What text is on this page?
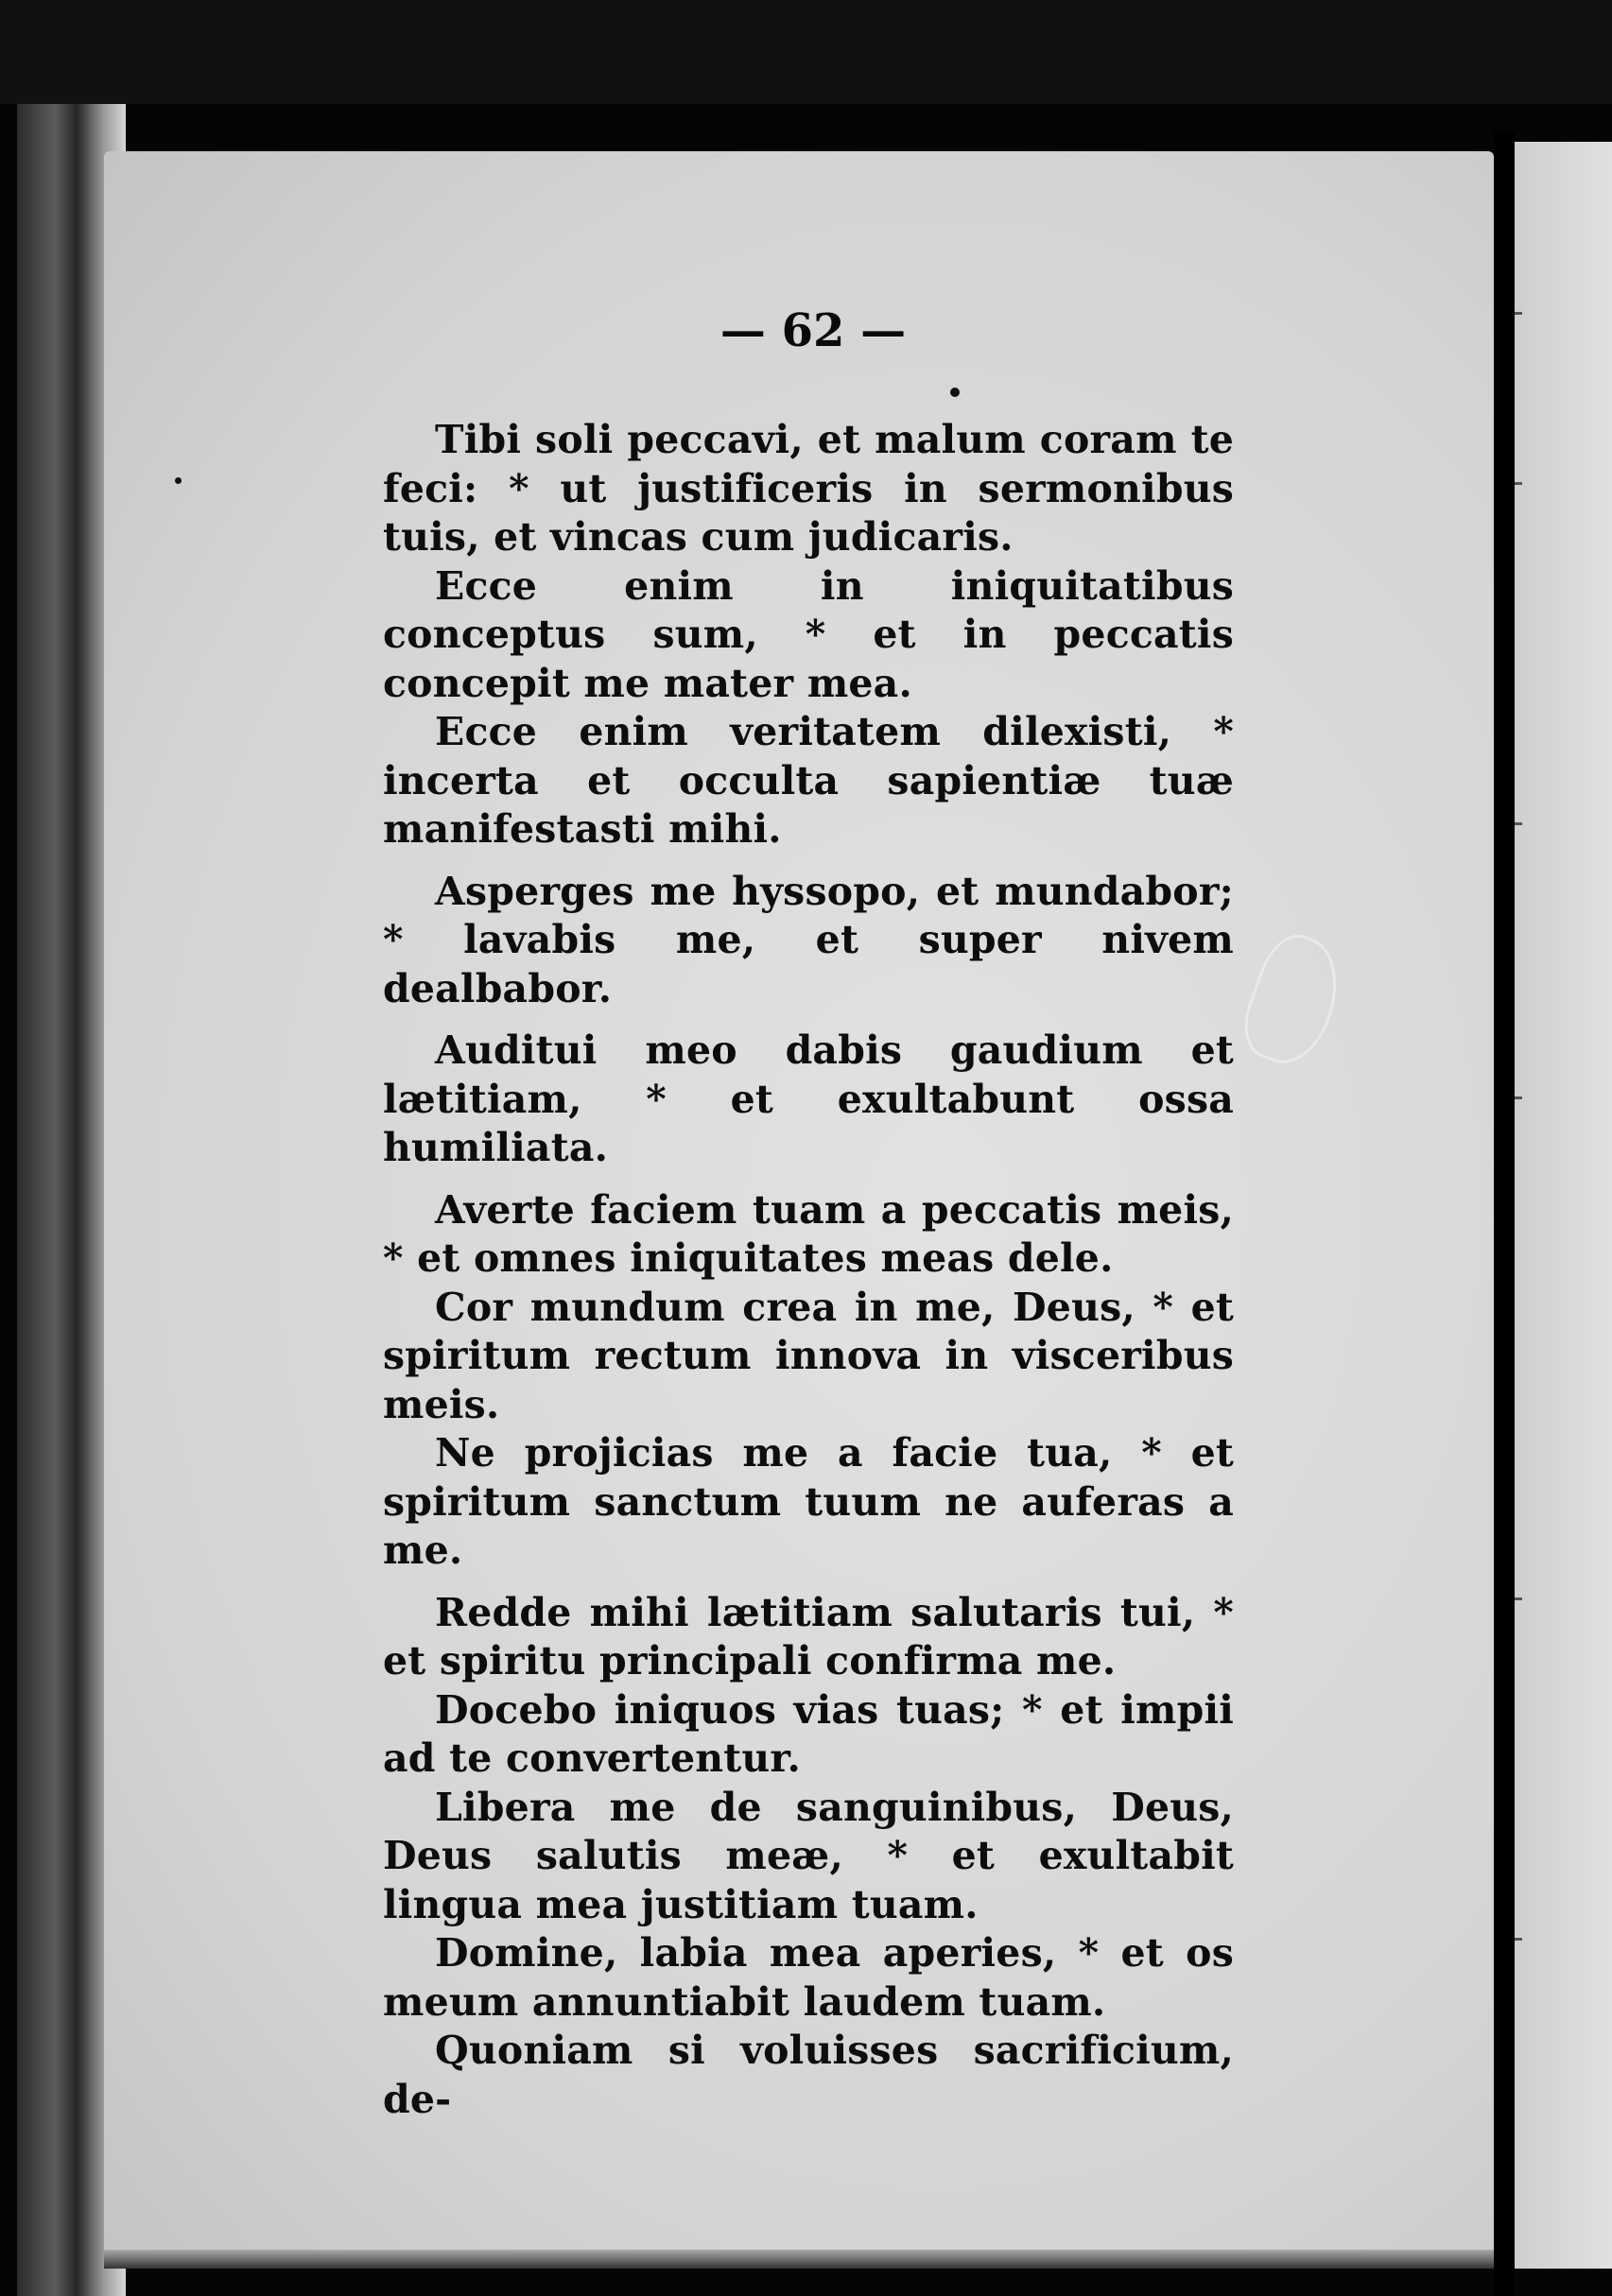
— 62 —

Tibi soli peccavi, et malum coram te feci: * ut justificeris in sermonibus tuis, et vincas cum judicaris.

Ecce enim in iniquitatibus conceptus sum, * et in peccatis concepit me mater mea.

Ecce enim veritatem dilexisti, * incerta et occulta sapientiæ tuæ manifestasti mihi.

Asperges me hyssopo, et mundabor; * lavabis me, et super nivem dealbabor.

Auditui meo dabis gaudium et lætitiam, * et exultabunt ossa humiliata.

Averte faciem tuam a peccatis meis, * et omnes iniquitates meas dele.

Cor mundum crea in me, Deus, * et spiritum rectum innova in visceribus meis.

Ne projicias me a facie tua, * et spiritum sanctum tuum ne auferas a me.

Redde mihi lætitiam salutaris tui, * et spiritu principali confirma me.

Docebo iniquos vias tuas; * et impii ad te convertentur.

Libera me de sanguinibus, Deus, Deus salutis meæ, * et exultabit lingua mea justitiam tuam.

Domine, labia mea aperies, * et os meum annuntiabit laudem tuam.

Quoniam si voluisses sacrificium, de-
